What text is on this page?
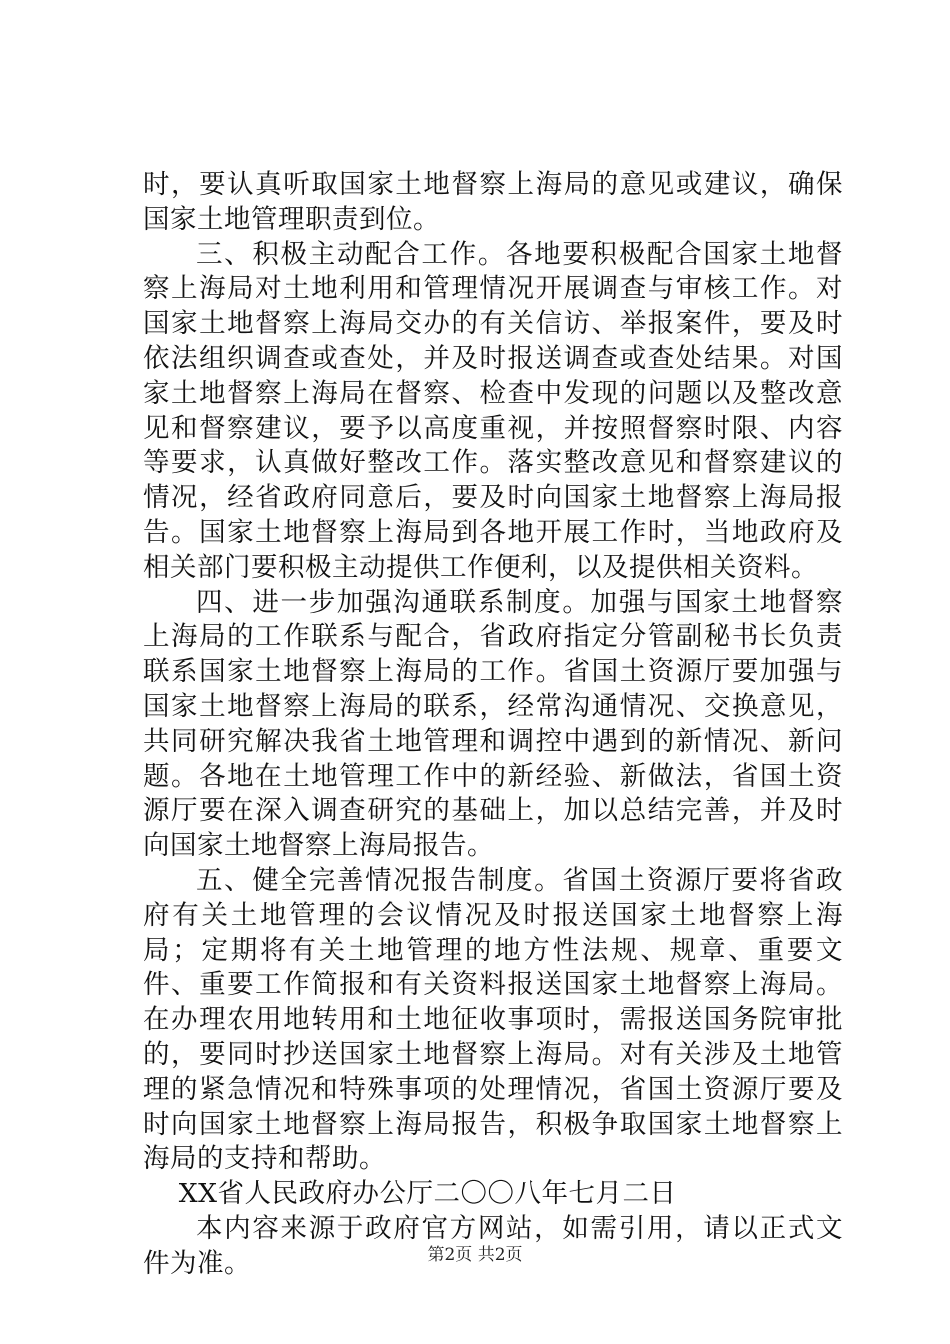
时，要认真听取国家土地督察上海局的意见或建议，确保国家土地管理职责到位。

三、积极主动配合工作。各地要积极配合国家土地督察上海局对土地利用和管理情况开展调查与审核工作。对国家土地督察上海局交办的有关信访、举报案件，要及时依法组织调查或查处，并及时报送调查或查处结果。对国家土地督察上海局在督察、检查中发现的问题以及整改意见和督察建议，要予以高度重视，并按照督察时限、内容等要求，认真做好整改工作。落实整改意见和督察建议的情况，经省政府同意后，要及时向国家土地督察上海局报告。国家土地督察上海局到各地开展工作时，当地政府及相关部门要积极主动提供工作便利，以及提供相关资料。

四、进一步加强沟通联系制度。加强与国家土地督察上海局的工作联系与配合，省政府指定分管副秘书长负责联系国家土地督察上海局的工作。省国土资源厅要加强与国家土地督察上海局的联系，经常沟通情况、交换意见，共同研究解决我省土地管理和调控中遇到的新情况、新问题。各地在土地管理工作中的新经验、新做法，省国土资源厅要在深入调查研究的基础上，加以总结完善，并及时向国家土地督察上海局报告。

五、健全完善情况报告制度。省国土资源厅要将省政府有关土地管理的会议情况及时报送国家土地督察上海局；定期将有关土地管理的地方性法规、规章、重要文件、重要工作简报和有关资料报送国家土地督察上海局。在办理农用地转用和土地征收事项时，需报送国务院审批的，要同时抄送国家土地督察上海局。对有关涉及土地管理的紧急情况和特殊事项的处理情况，省国土资源厅要及时向国家土地督察上海局报告，积极争取国家土地督察上海局的支持和帮助。

XX省人民政府办公厅二〇〇八年七月二日

本内容来源于政府官方网站，如需引用，请以正式文件为准。	第2页 共2页
